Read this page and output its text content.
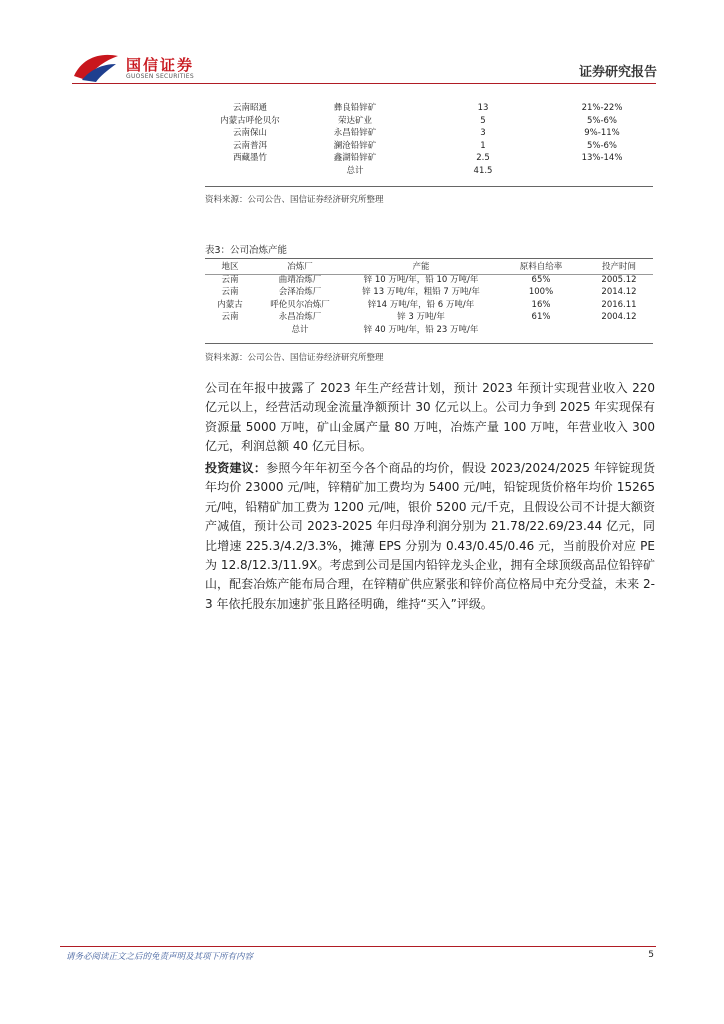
国信证券
GUOSEN SECURITIES	证券研究报告
云南昭通	彝良铅锌矿	13	21%-22%
内蒙古呼伦贝尔	荣达矿业	5	5%-6%
云南保山	永昌铅锌矿	3	9%-11%
云南普洱	澜沧铅锌矿	1	5%-6%
西藏墨竹	鑫湖铅锌矿	2.5	13%-14%
	总计	41.5	
资料来源：公司公告、国信证券经济研究所整理
表3：公司冶炼产能
地区	冶炼厂	产能	原料自给率	投产时间
云南	曲靖冶炼厂	锌 10 万吨/年，铅 10 万吨/年	65%	2005.12
云南	会泽冶炼厂	锌 13 万吨/年，粗铅 7 万吨/年	100%	2014.12
内蒙古	呼伦贝尔冶炼厂	锌14 万吨/年，铅 6 万吨/年	16%	2016.11
云南	永昌冶炼厂	锌 3 万吨/年	61%	2004.12
	总计	锌 40 万吨/年，铅 23 万吨/年		
资料来源：公司公告、国信证券经济研究所整理

公司在年报中披露了 2023 年生产经营计划，预计 2023 年预计实现营业收入 220 亿元以上，经营活动现金流量净额预计 30 亿元以上。公司力争到 2025 年实现保有资源量 5000 万吨，矿山金属产量 80 万吨，冶炼产量 100 万吨，年营业收入 300 亿元，利润总额 40 亿元目标。

投资建议：参照今年年初至今各个商品的均价，假设 2023/2024/2025 年锌锭现货年均价 23000 元/吨，锌精矿加工费均为 5400 元/吨，铅锭现货价格年均价 15265 元/吨，铅精矿加工费为 1200 元/吨，银价 5200 元/千克，且假设公司不计提大额资产减值，预计公司 2023-2025 年归母净利润分别为 21.78/22.69/23.44 亿元，同比增速 225.3/4.2/3.3%，摊薄 EPS 分别为 0.43/0.45/0.46 元，当前股价对应 PE 为 12.8/12.3/11.9X。考虑到公司是国内铅锌龙头企业，拥有全球顶级高品位铅锌矿山，配套冶炼产能布局合理，在锌精矿供应紧张和锌价高位格局中充分受益，未来 2-3 年依托股东加速扩张且路径明确，维持“买入”评级。

请务必阅读正文之后的免责声明及其项下所有内容	5
